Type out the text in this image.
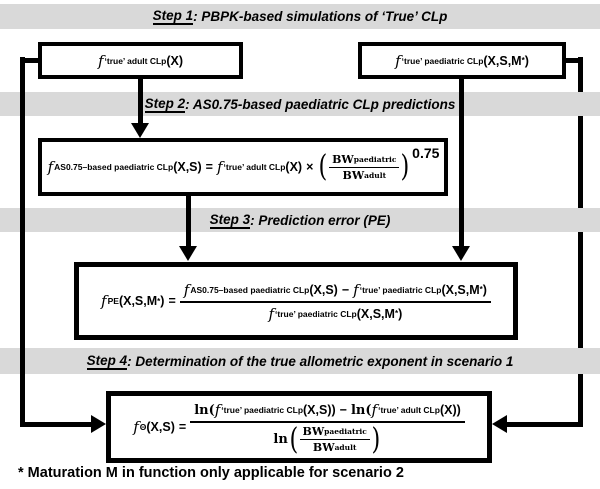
Step 1 : PBPK-based simulations of ‘True’ CLp
Step 2 : AS0.75-based paediatric CLp predictions
Step 3 : Prediction error (PE)
Step 4 : Determination of the true allometric exponent in scenario 1
f ‘true’ adult CLp (X)	f ‘true’ paediatric CLp (X,S,M * )
f AS0.75–based paediatric CLp (X,S) = f ‘true’ adult CLp (X) × ( $\frac{\text{BW paediatric}}{\text{BW adult}}$ ) 0.75
f PE (X,S,M * ) =
f AS0.75–based paediatric CLp (X,S) − f ‘true’ paediatric CLp (X,S,M * )
f ‘true’ paediatric CLp (X,S,M * )
f Θ (X,S) =
ln( f ‘true’ paediatric CLp (X,S)) − ln( f ‘true’ adult CLp (X))
ln ( $\frac{\text{BW paediatric}}{\text{BW adult}}$ )
* Maturation M in function only applicable for scenario 2
